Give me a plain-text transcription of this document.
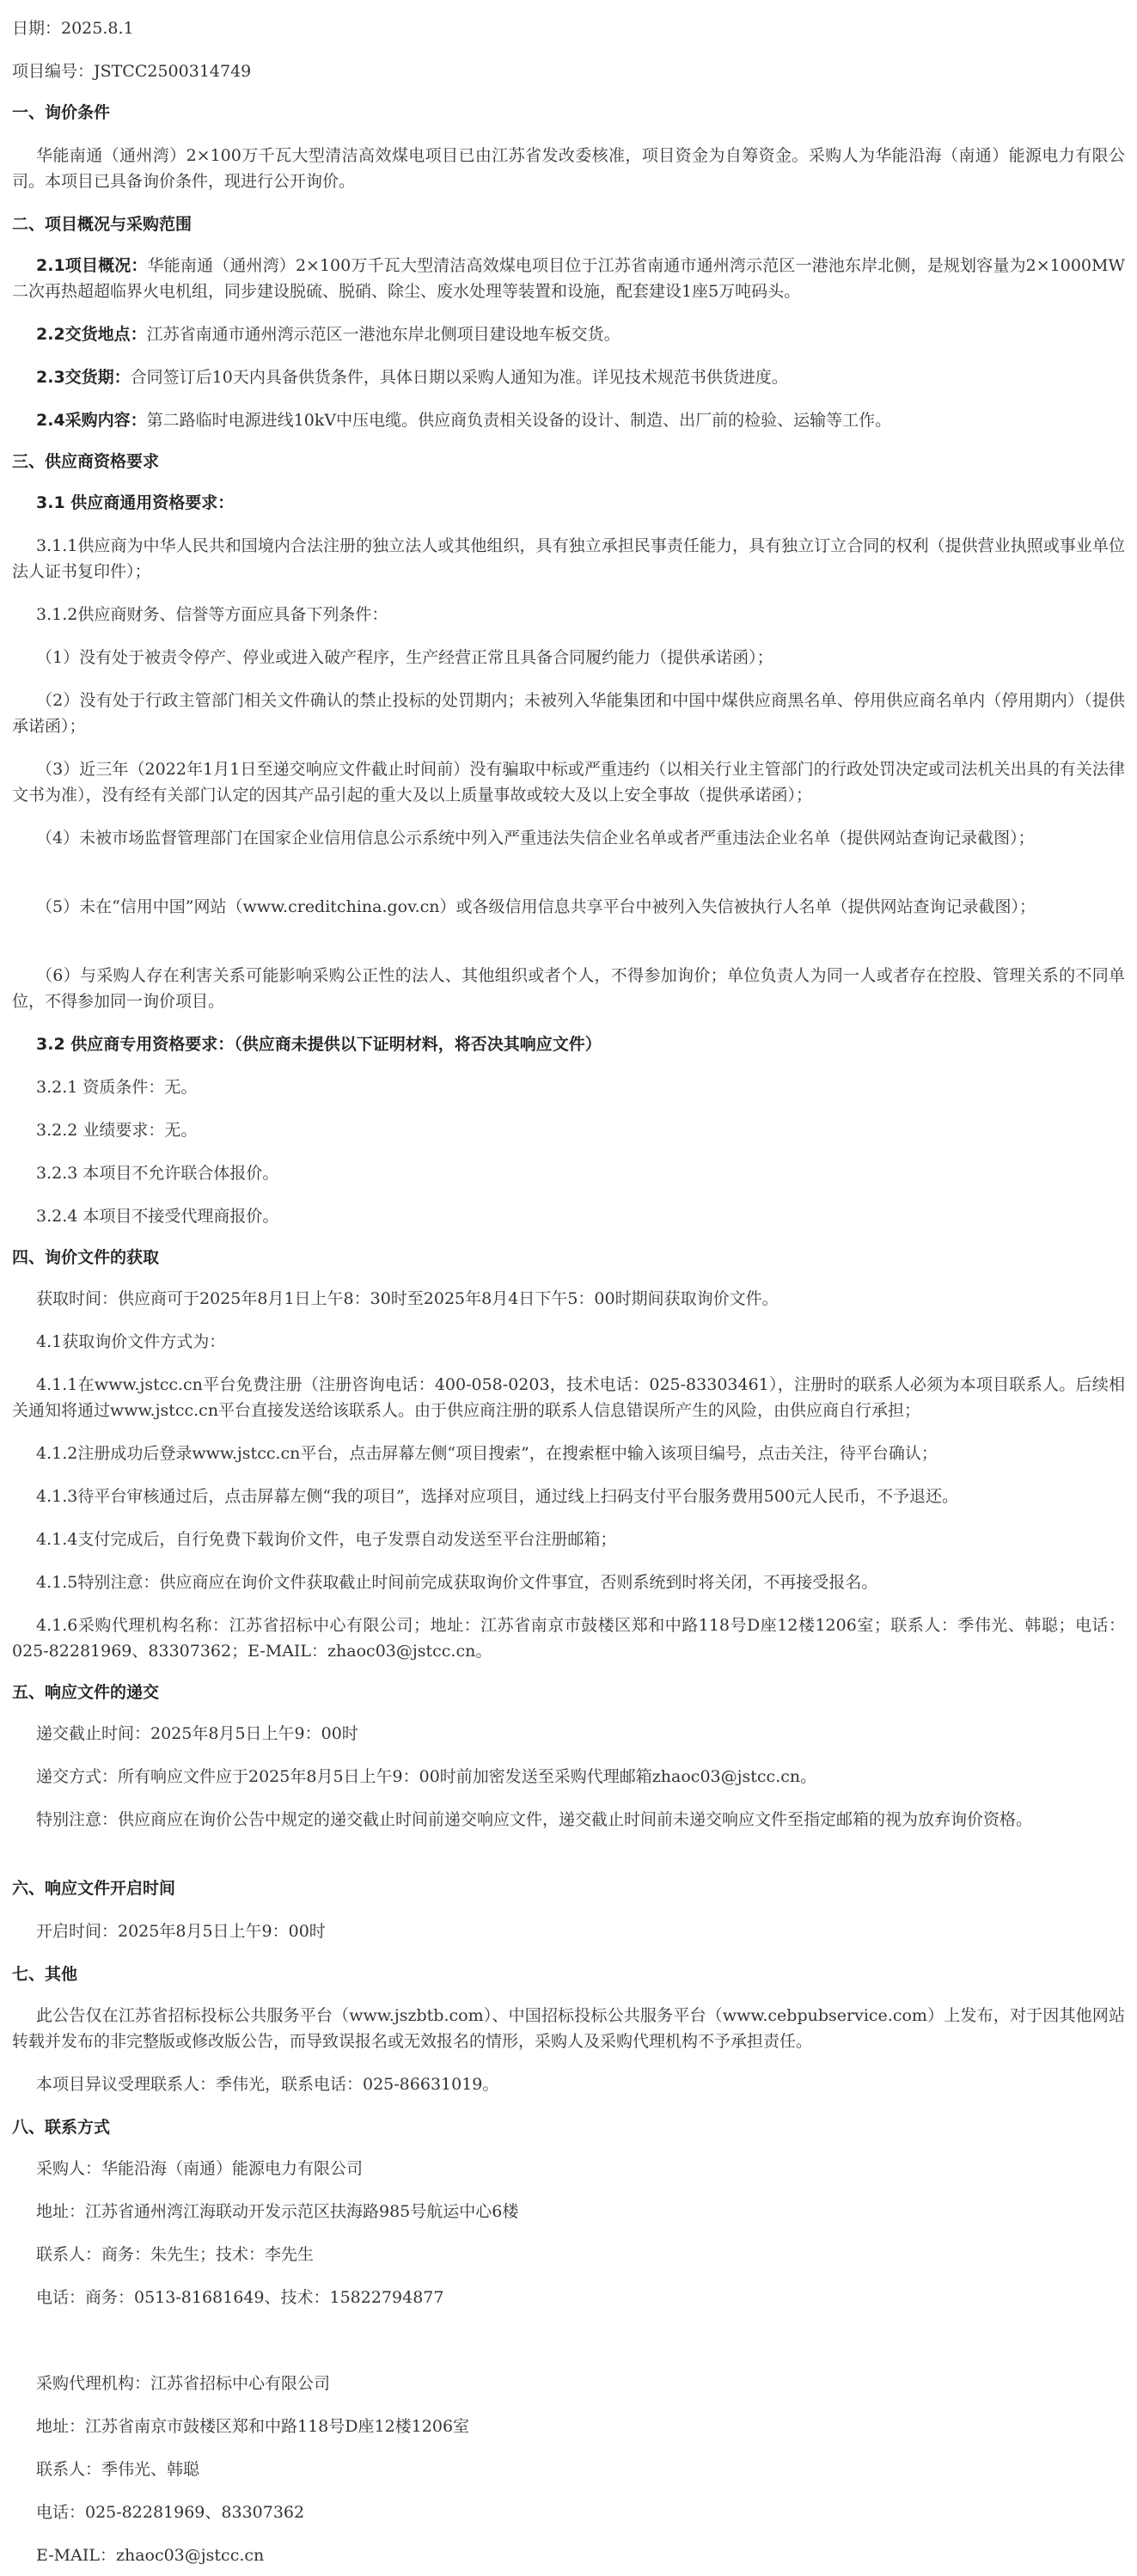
日期：2025.8.1
项目编号：JSTCC2500314749
一、询价条件
华能南通（通州湾）2×100万千瓦大型清洁高效煤电项目已由江苏省发改委核准，项目资金为自筹资金。采购人为华能沿海（南通）能源电力有限公司。本项目已具备询价条件，现进行公开询价。
二、项目概况与采购范围
2.1项目概况：华能南通（通州湾）2×100万千瓦大型清洁高效煤电项目位于江苏省南通市通州湾示范区一港池东岸北侧，是规划容量为2×1000MW二次再热超超临界火电机组，同步建设脱硫、脱硝、除尘、废水处理等装置和设施，配套建设1座5万吨码头。
2.2交货地点：江苏省南通市通州湾示范区一港池东岸北侧项目建设地车板交货。
2.3交货期：合同签订后10天内具备供货条件，具体日期以采购人通知为准。详见技术规范书供货进度。
2.4采购内容：第二路临时电源进线10kV中压电缆。供应商负责相关设备的设计、制造、出厂前的检验、运输等工作。
三、供应商资格要求
3.1 供应商通用资格要求：
3.1.1供应商为中华人民共和国境内合法注册的独立法人或其他组织，具有独立承担民事责任能力，具有独立订立合同的权利（提供营业执照或事业单位法人证书复印件）；
3.1.2供应商财务、信誉等方面应具备下列条件：
（1）没有处于被责令停产、停业或进入破产程序，生产经营正常且具备合同履约能力（提供承诺函）；
（2）没有处于行政主管部门相关文件确认的禁止投标的处罚期内；未被列入华能集团和中国中煤供应商黑名单、停用供应商名单内（停用期内）（提供承诺函）；
（3）近三年（2022年1月1日至递交响应文件截止时间前）没有骗取中标或严重违约（以相关行业主管部门的行政处罚决定或司法机关出具的有关法律文书为准），没有经有关部门认定的因其产品引起的重大及以上质量事故或较大及以上安全事故（提供承诺函）；
（4）未被市场监督管理部门在国家企业信用信息公示系统中列入严重违法失信企业名单或者严重违法企业名单（提供网站查询记录截图）；
（5）未在“信用中国”网站（www.creditchina.gov.cn）或各级信用信息共享平台中被列入失信被执行人名单（提供网站查询记录截图）；
（6）与采购人存在利害关系可能影响采购公正性的法人、其他组织或者个人，不得参加询价；单位负责人为同一人或者存在控股、管理关系的不同单位，不得参加同一询价项目。
3.2 供应商专用资格要求：（供应商未提供以下证明材料，将否决其响应文件）
3.2.1 资质条件：无。
3.2.2 业绩要求：无。
3.2.3 本项目不允许联合体报价。
3.2.4 本项目不接受代理商报价。
四、询价文件的获取
获取时间：供应商可于2025年8月1日上午8：30时至2025年8月4日下午5：00时期间获取询价文件。
4.1获取询价文件方式为：
4.1.1在www.jstcc.cn平台免费注册（注册咨询电话：400-058-0203，技术电话：025-83303461），注册时的联系人必须为本项目联系人。后续相关通知将通过www.jstcc.cn平台直接发送给该联系人。由于供应商注册的联系人信息错误所产生的风险，由供应商自行承担；
4.1.2注册成功后登录www.jstcc.cn平台，点击屏幕左侧“项目搜索”，在搜索框中输入该项目编号，点击关注，待平台确认；
4.1.3待平台审核通过后，点击屏幕左侧“我的项目”，选择对应项目，通过线上扫码支付平台服务费用500元人民币，不予退还。
4.1.4支付完成后，自行免费下载询价文件，电子发票自动发送至平台注册邮箱；
4.1.5特别注意：供应商应在询价文件获取截止时间前完成获取询价文件事宜，否则系统到时将关闭，不再接受报名。
4.1.6采购代理机构名称：江苏省招标中心有限公司；地址：江苏省南京市鼓楼区郑和中路118号D座12楼1206室；联系人：季伟光、韩聪；电话：025-82281969、83307362；E-MAIL：zhaoc03@jstcc.cn。
五、响应文件的递交
递交截止时间：2025年8月5日上午9：00时
递交方式：所有响应文件应于2025年8月5日上午9：00时前加密发送至采购代理邮箱zhaoc03@jstcc.cn。
特别注意：供应商应在询价公告中规定的递交截止时间前递交响应文件，递交截止时间前未递交响应文件至指定邮箱的视为放弃询价资格。
六、响应文件开启时间
开启时间：2025年8月5日上午9：00时
七、其他
此公告仅在江苏省招标投标公共服务平台（www.jszbtb.com）、中国招标投标公共服务平台（www.cebpubservice.com）上发布，对于因其他网站转载并发布的非完整版或修改版公告，而导致误报名或无效报名的情形，采购人及采购代理机构不予承担责任。
本项目异议受理联系人：季伟光，联系电话：025-86631019。
八、联系方式
采购人：华能沿海（南通）能源电力有限公司
地址：江苏省通州湾江海联动开发示范区扶海路985号航运中心6楼
联系人：商务：朱先生；技术：李先生
电话：商务：0513-81681649、技术：15822794877
采购代理机构：江苏省招标中心有限公司
地址：江苏省南京市鼓楼区郑和中路118号D座12楼1206室
联系人：季伟光、韩聪
电话：025-82281969、83307362
E-MAIL：zhaoc03@jstcc.cn
